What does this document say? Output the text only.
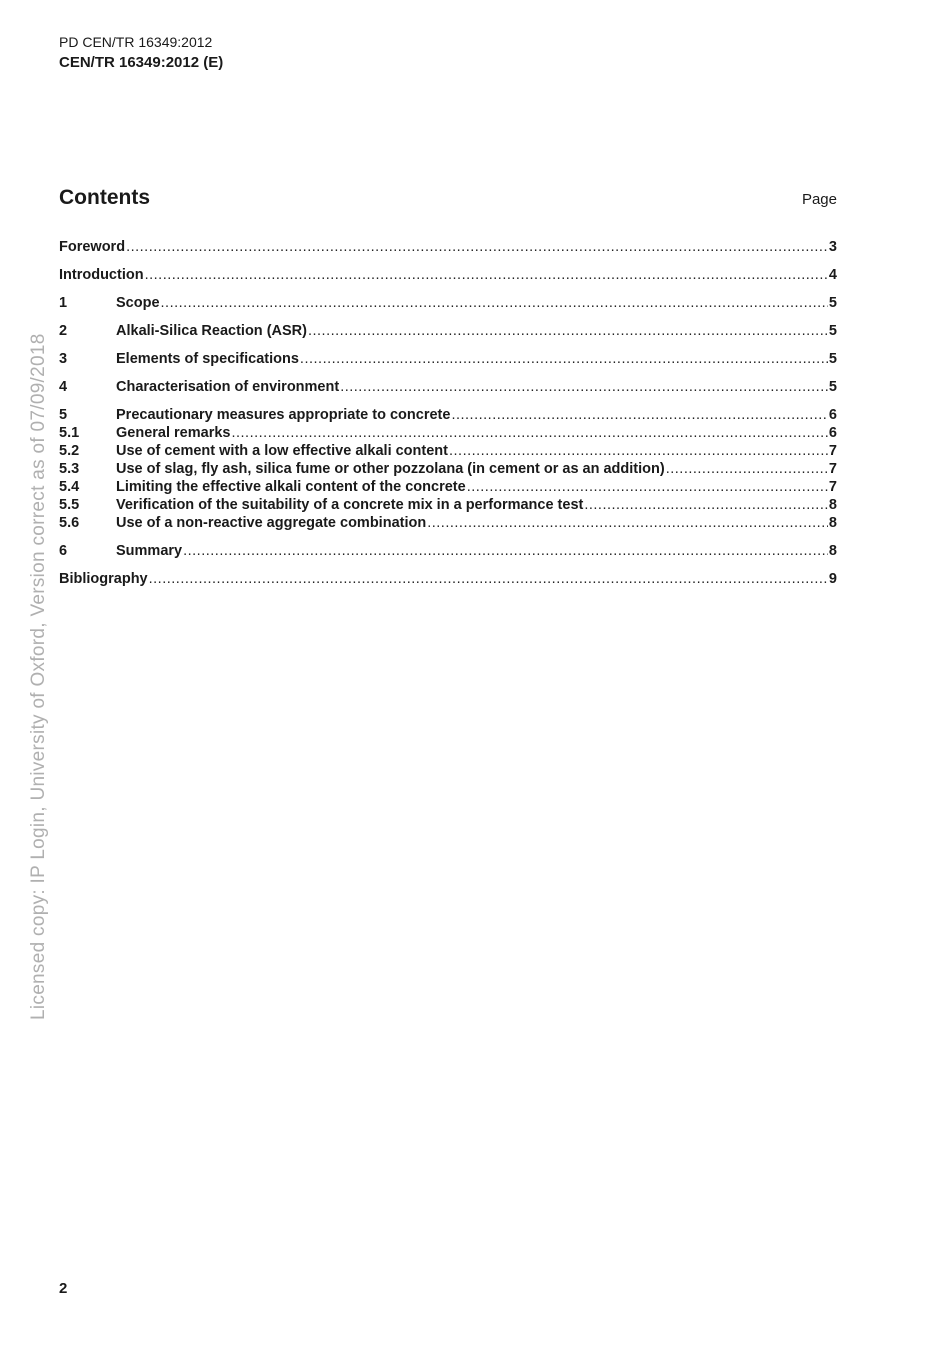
PD CEN/TR 16349:2012
CEN/TR 16349:2012 (E)
Contents	Page
Foreword .....	3
Introduction .....	4
1	Scope .....	5
2	Alkali-Silica Reaction (ASR) .....	5
3	Elements of specifications .....	5
4	Characterisation of environment .....	5
5	Precautionary measures appropriate to concrete .....	6
5.1	General remarks .....	6
5.2	Use of cement with a low effective alkali content .....	7
5.3	Use of slag, fly ash, silica fume or other pozzolana (in cement or as an addition) .....	7
5.4	Limiting the effective alkali content of the concrete .....	7
5.5	Verification of the suitability of a concrete mix in a performance test .....	8
5.6	Use of a non-reactive aggregate combination .....	8
6	Summary .....	8
Bibliography .....	9
Licensed copy: IP Login, University of Oxford, Version correct as of 07/09/2018
2
